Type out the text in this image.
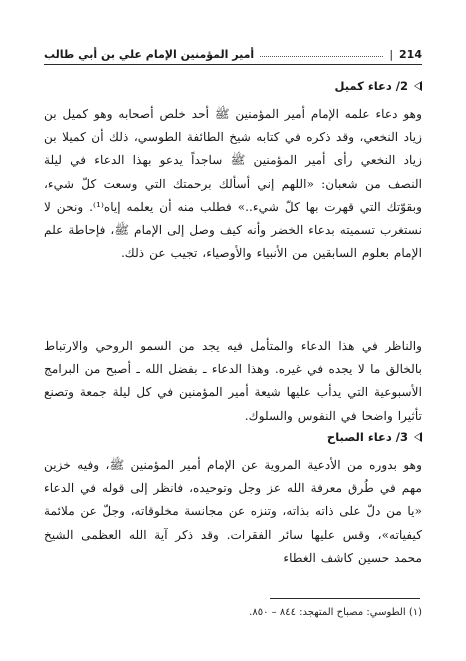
214
|
أمير المؤمنين الإمام علي بن أبي طالب
2/ دعاء كميل

وهو دعاء علمه الإمام أمير المؤمنين ﷺ أحد خلص أصحابه وهو كميل بن زياد النخعي، وقد ذكره في كتابه شيخ الطائفة الطوسي، ذلك أن كميلا بن زياد النخعي رأى أمير المؤمنين ﷺ ساجداً يدعو بهذا الدعاء في ليلة النصف من شعبان: «اللهم إني أسألك برحمتك التي وسعت كلّ شيء، وبقوّتك التي قهرت بها كلّ شيء..» فطلب منه أن يعلمه إياه⁽¹⁾. ونحن لا نستغرب تسميته بدعاء الخضر وأنه كيف وصل إلى الإمام ﷺ، فإحاطة علم الإمام بعلوم السابقين من الأنبياء والأوصياء، تجيب عن ذلك.

والناظر في هذا الدعاء والمتأمل فيه يجد من السمو الروحي والارتباط بالخالق ما لا يجده في غيره. وهذا الدعاء ـ بفضل الله ـ أصبح من البرامج الأسبوعية التي يدأب عليها شيعة أمير المؤمنين في كل ليلة جمعة وتصنع تأثيرا واضحا في النفوس والسلوك.

3/ دعاء الصباح

وهو بدوره من الأدعية المروية عن الإمام أمير المؤمنين ﷺ، وفيه خزين مهم في طُرق معرفة الله عز وجل وتوحيده، فانظر إلى قوله في الدعاء «يا من دلّ على ذاته بذاته، وتنزه عن مجانسة مخلوقاته، وجلّ عن ملائمة كيفياته»، وقس عليها سائر الفقرات. وقد ذكر آية الله العظمى الشيخ محمد حسين كاشف الغطاء

(١) الطوسي: مصباح المتهجد: ٨٤٤ – ٨٥٠.
